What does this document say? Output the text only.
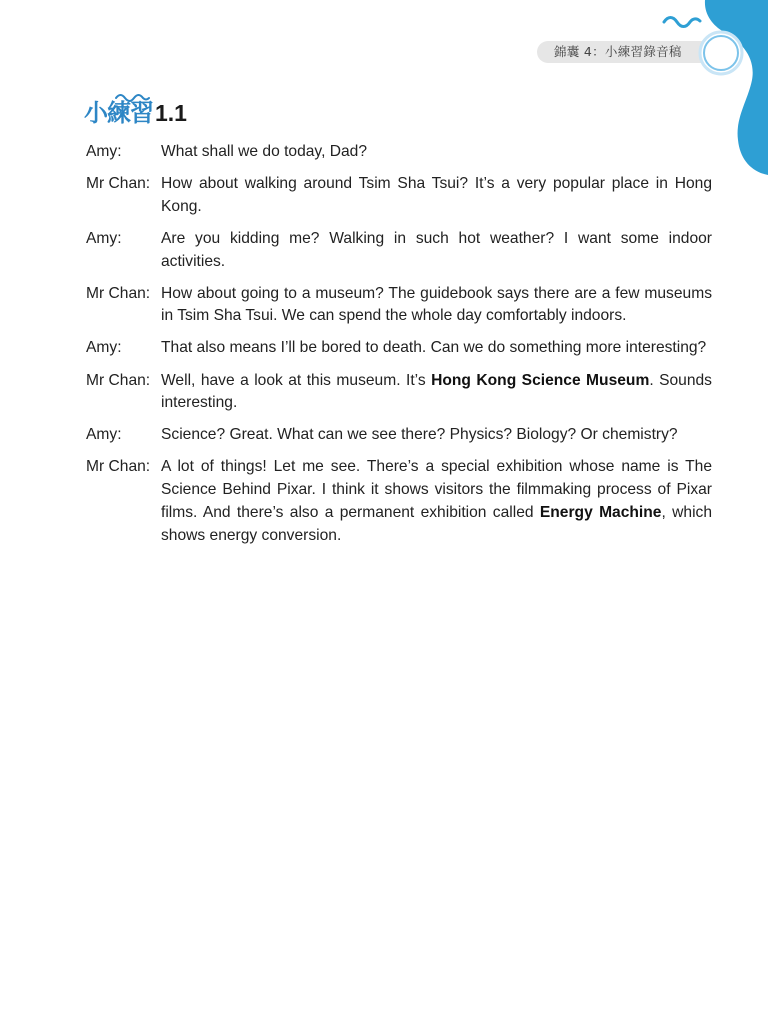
錦囊 4：小練習錄音稿
小練習 1.1
Amy:	What shall we do today, Dad?
Mr Chan: How about walking around Tsim Sha Tsui? It’s a very popular place in Hong Kong.
Amy:	Are you kidding me? Walking in such hot weather? I want some indoor activities.
Mr Chan: How about going to a museum? The guidebook says there are a few museums in Tsim Sha Tsui. We can spend the whole day comfortably indoors.
Amy:	That also means I’ll be bored to death. Can we do something more interesting?
Mr Chan: Well, have a look at this museum. It’s Hong Kong Science Museum. Sounds interesting.
Amy:	Science? Great. What can we see there? Physics? Biology? Or chemistry?
Mr Chan: A lot of things! Let me see. There’s a special exhibition whose name is The Science Behind Pixar. I think it shows visitors the filmmaking process of Pixar films. And there’s also a permanent exhibition called Energy Machine, which shows energy conversion.
